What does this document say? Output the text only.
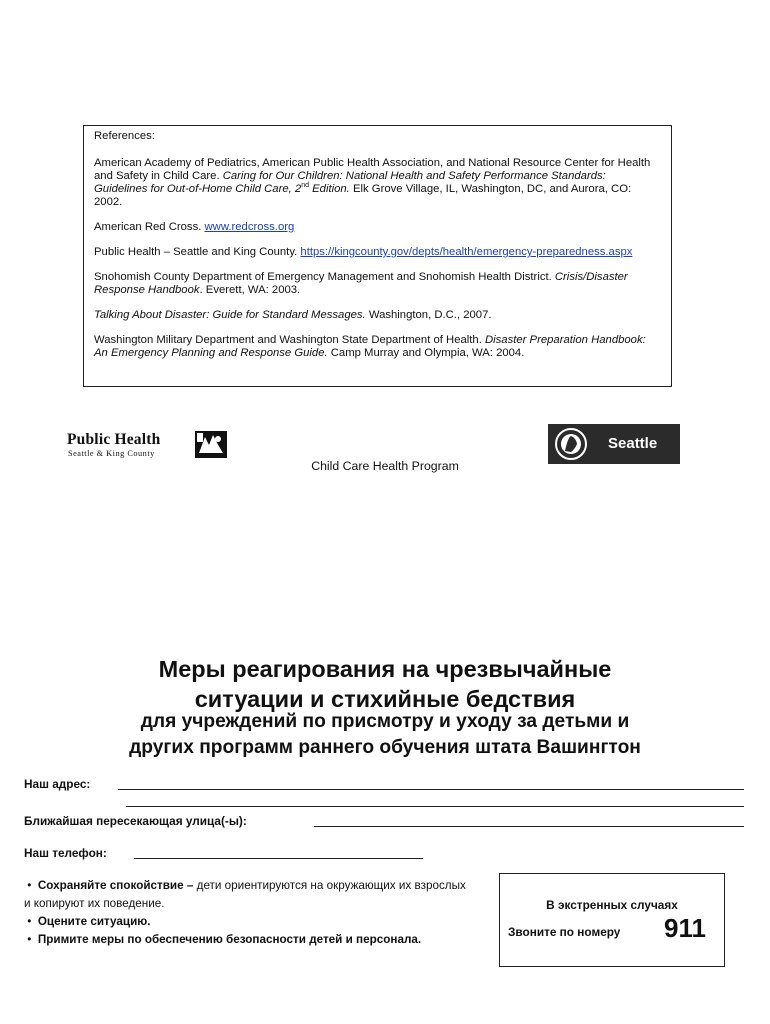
References:

American Academy of Pediatrics, American Public Health Association, and National Resource Center for Health and Safety in Child Care. Caring for Our Children: National Health and Safety Performance Standards: Guidelines for Out-of-Home Child Care, 2nd Edition. Elk Grove Village, IL, Washington, DC, and Aurora, CO: 2002.

American Red Cross. www.redcross.org

Public Health – Seattle and King County. https://kingcounty.gov/depts/health/emergency-preparedness.aspx

Snohomish County Department of Emergency Management and Snohomish Health District. Crisis/Disaster Response Handbook. Everett, WA: 2003.

Talking About Disaster: Guide for Standard Messages. Washington, D.C., 2007.

Washington Military Department and Washington State Department of Health. Disaster Preparation Handbook: An Emergency Planning and Response Guide. Camp Murray and Olympia, WA: 2004.

Public Health
Seattle & King County
Seattle
Child Care Health Program
Меры реагирования на чрезвычайные
ситуации и стихийные бедствия
для учреждений по присмотру и уходу за детьми и
других программ раннего обучения штата Вашингтон
Наш адрес:
Ближайшая пересекающая улица(-ы):
Наш телефон:
•  Сохраняйте спокойствие – дети ориентируются на окружающих их взрослых и копируют их поведение.
•  Оцените ситуацию.
•  Примите меры по обеспечению безопасности детей и персонала.
В экстренных случаях
Звоните по номеру 911
